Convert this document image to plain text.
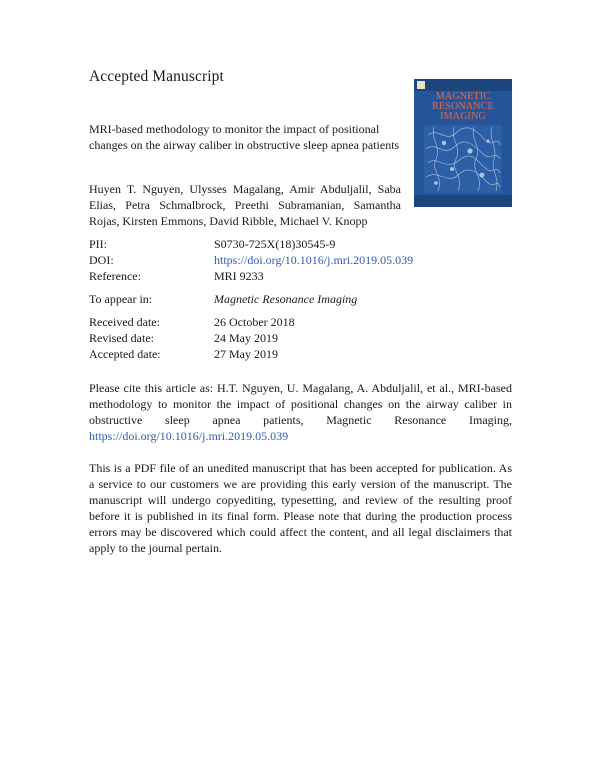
Accepted Manuscript
MRI-based methodology to monitor the impact of positional changes on the airway caliber in obstructive sleep apnea patients
Huyen T. Nguyen, Ulysses Magalang, Amir Abduljalil, Saba Elias, Petra Schmalbrock, Preethi Subramanian, Samantha Rojas, Kirsten Emmons, David Ribble, Michael V. Knopp
MAGNETIC
RESONANCE
IMAGING
PII:	S0730-725X(18)30545-9
DOI:	https://doi.org/10.1016/j.mri.2019.05.039
Reference:	MRI 9233
To appear in:	Magnetic Resonance Imaging
Received date:	26 October 2018
Revised date:	24 May 2019
Accepted date:	27 May 2019
Please cite this article as: H.T. Nguyen, U. Magalang, A. Abduljalil, et al., MRI-based methodology to monitor the impact of positional changes on the airway caliber in obstructive sleep apnea patients, Magnetic Resonance Imaging, https://doi.org/10.1016/j.mri.2019.05.039
This is a PDF file of an unedited manuscript that has been accepted for publication. As a service to our customers we are providing this early version of the manuscript. The manuscript will undergo copyediting, typesetting, and review of the resulting proof before it is published in its final form. Please note that during the production process errors may be discovered which could affect the content, and all legal disclaimers that apply to the journal pertain.
